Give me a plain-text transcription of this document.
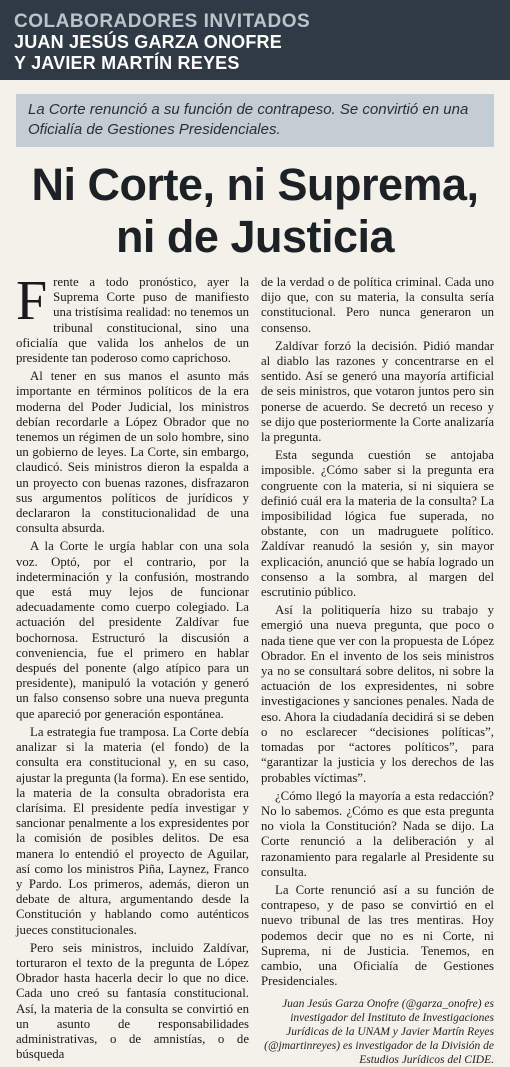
COLABORADORES INVITADOS

JUAN JESÚS GARZA ONOFRE

Y JAVIER MARTÍN REYES

La Corte renunció a su función de contrapeso. Se convirtió en una Oficialía de Gestiones Presidenciales.
Ni Corte, ni Suprema,
ni de Justicia

Frente a todo pronóstico, ayer la Suprema Corte puso de manifiesto una tristísima realidad: no tenemos un tribunal constitucional, sino una oficialía que valida los anhelos de un presidente tan poderoso como caprichoso.

Al tener en sus manos el asunto más importante en términos políticos de la era moderna del Poder Judicial, los ministros debían recordarle a López Obrador que no tenemos un régimen de un solo hombre, sino un gobierno de leyes. La Corte, sin embargo, claudicó. Seis ministros dieron la espalda a un proyecto con buenas razones, disfrazaron sus argumentos políticos de jurídicos y declararon la constitucionalidad de una consulta absurda.

A la Corte le urgía hablar con una sola voz. Optó, por el contrario, por la indeterminación y la confusión, mostrando que está muy lejos de funcionar adecuadamente como cuerpo colegiado. La actuación del presidente Zaldívar fue bochornosa. Estructuró la discusión a conveniencia, fue el primero en hablar después del ponente (algo atípico para un presidente), manipuló la votación y generó un falso consenso sobre una nueva pregunta que apareció por generación espontánea.

La estrategia fue tramposa. La Corte debía analizar si la materia (el fondo) de la consulta era constitucional y, en su caso, ajustar la pregunta (la forma). En ese sentido, la materia de la consulta obradorista era clarísima. El presidente pedía investigar y sancionar penalmente a los expresidentes por la comisión de posibles delitos. De esa manera lo entendió el proyecto de Aguilar, así como los ministros Piña, Laynez, Franco y Pardo. Los primeros, además, dieron un debate de altura, argumentando desde la Constitución y hablando como auténticos jueces constitucionales.

Pero seis ministros, incluido Zaldívar, torturaron el texto de la pregunta de López Obrador hasta hacerla decir lo que no dice. Cada uno creó su fantasía constitucional. Así, la materia de la consulta se convirtió en un asunto de responsabilidades administrativas, o de amnistías, o de búsqueda

de la verdad o de política criminal. Cada uno dijo que, con su materia, la consulta sería constitucional. Pero nunca generaron un consenso.

Zaldívar forzó la decisión. Pidió mandar al diablo las razones y concentrarse en el sentido. Así se generó una mayoría artificial de seis ministros, que votaron juntos pero sin ponerse de acuerdo. Se decretó un receso y se dijo que posteriormente la Corte analizaría la pregunta.

Esta segunda cuestión se antojaba imposible. ¿Cómo saber si la pregunta era congruente con la materia, si ni siquiera se definió cuál era la materia de la consulta? La imposibilidad lógica fue superada, no obstante, con un madruguete político. Zaldívar reanudó la sesión y, sin mayor explicación, anunció que se había logrado un consenso a la sombra, al margen del escrutinio público.

Así la politiquería hizo su trabajo y emergió una nueva pregunta, que poco o nada tiene que ver con la propuesta de López Obrador. En el invento de los seis ministros ya no se consultará sobre delitos, ni sobre la actuación de los expresidentes, ni sobre investigaciones y sanciones penales. Nada de eso. Ahora la ciudadanía decidirá si se deben o no esclarecer “decisiones políticas”, tomadas por “actores políticos”, para “garantizar la justicia y los derechos de las probables víctimas”.

¿Cómo llegó la mayoría a esta redacción? No lo sabemos. ¿Cómo es que esta pregunta no viola la Constitución? Nada se dijo. La Corte renunció a la deliberación y al razonamiento para regalarle al Presidente su consulta.

La Corte renunció así a su función de contrapeso, y de paso se convirtió en el nuevo tribunal de las tres mentiras. Hoy podemos decir que no es ni Corte, ni Suprema, ni de Justicia. Tenemos, en cambio, una Oficialía de Gestiones Presidenciales.

Juan Jesús Garza Onofre (@garza_onofre) es investigador del Instituto de Investigaciones Jurídicas de la UNAM y Javier Martín Reyes (@jmartinreyes) es investigador de la División de Estudios Jurídicos del CIDE.
